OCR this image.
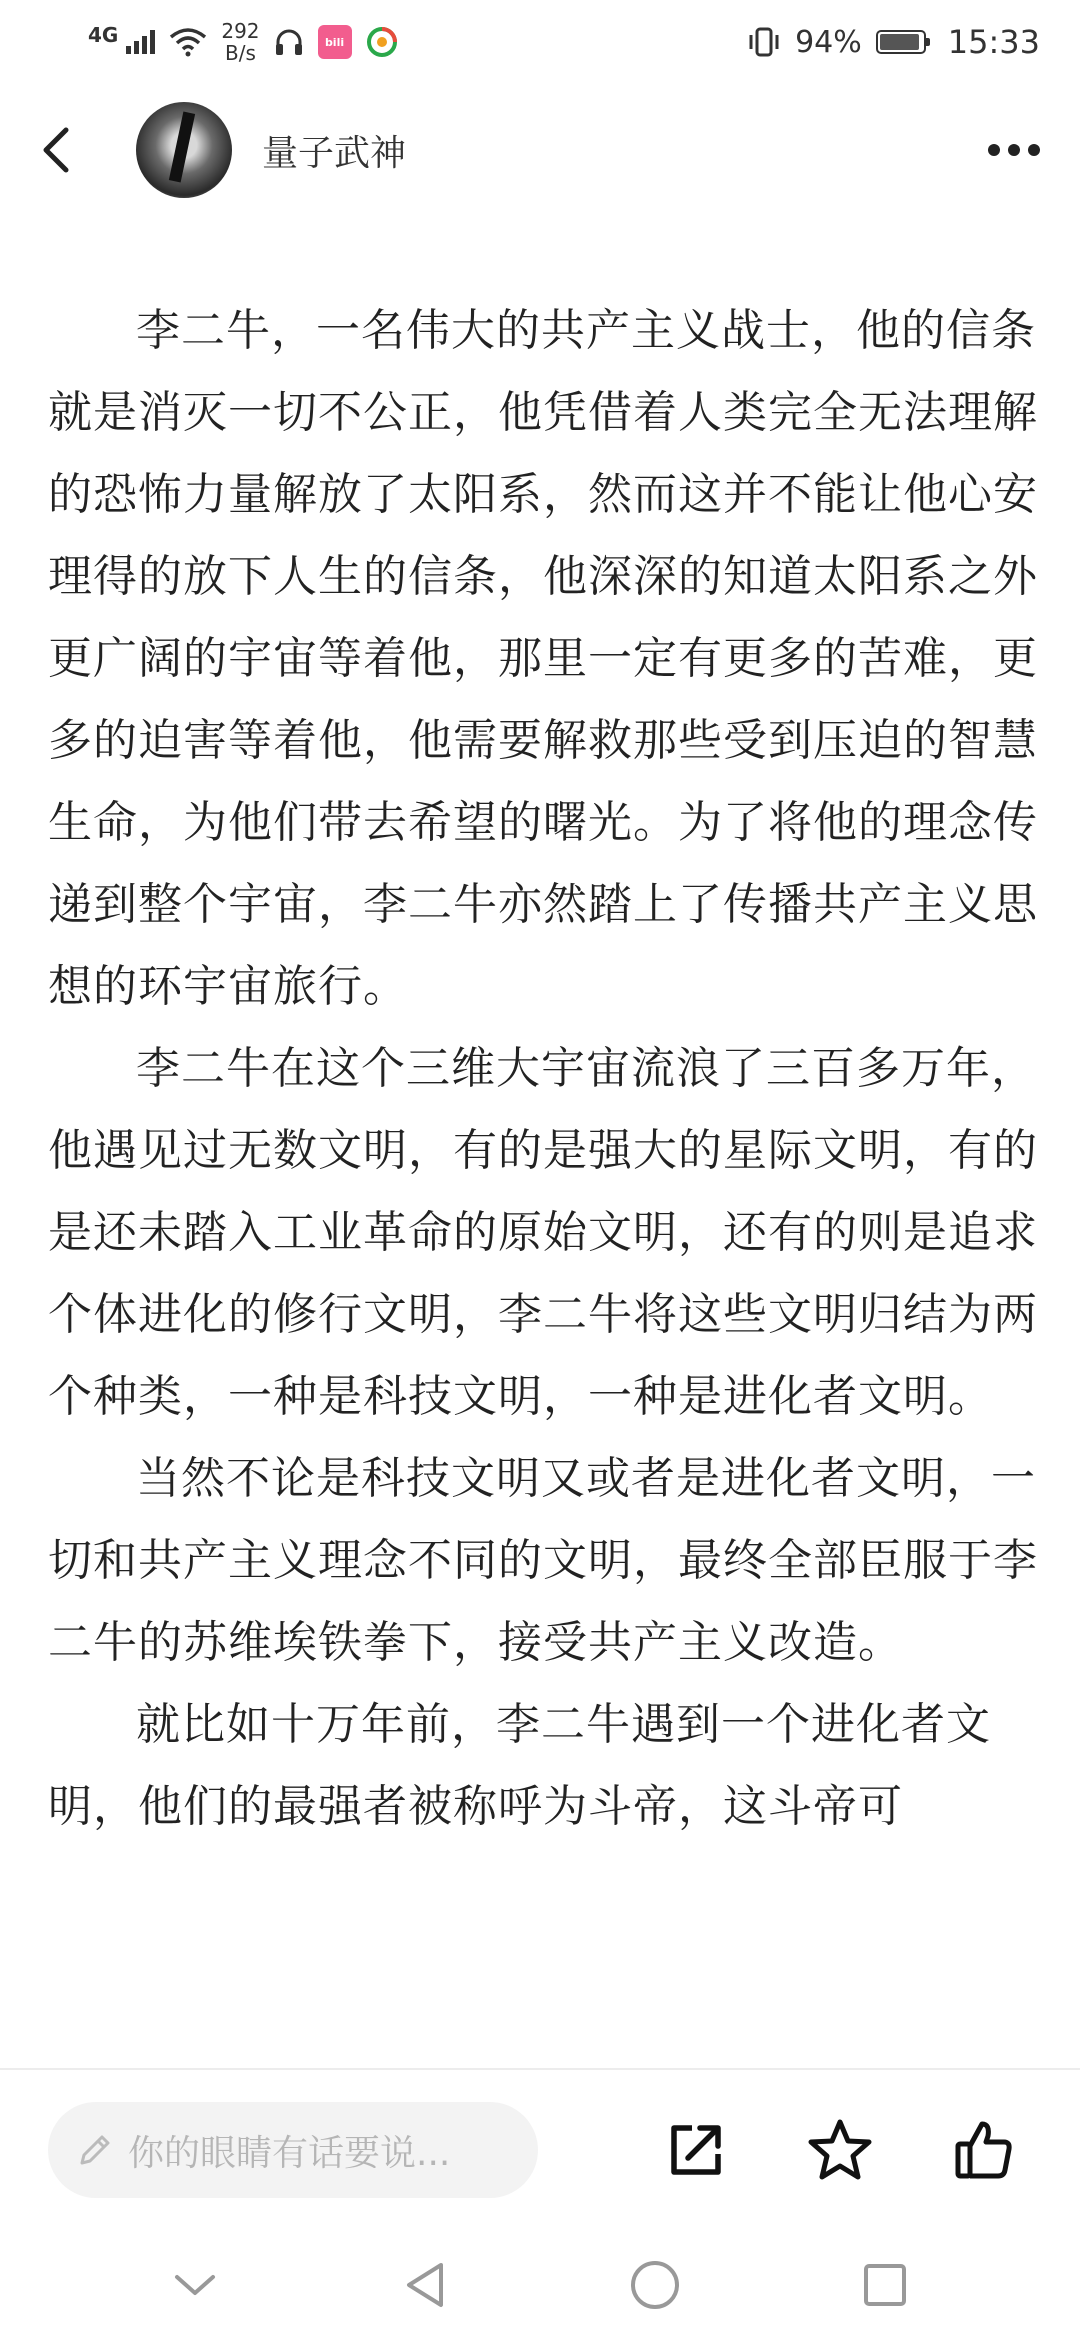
4G	292
B/s	bili	94%	15:33
量子武神

李二牛，一名伟大的共产主义战士，他的信条就是消灭一切不公正，他凭借着人类完全无法理解的恐怖力量解放了太阳系，然而这并不能让他心安理得的放下人生的信条，他深深的知道太阳系之外更广阔的宇宙等着他，那里一定有更多的苦难，更多的迫害等着他，他需要解救那些受到压迫的智慧生命，为他们带去希望的曙光。为了将他的理念传递到整个宇宙，李二牛亦然踏上了传播共产主义思想的环宇宙旅行。

李二牛在这个三维大宇宙流浪了三百多万年，他遇见过无数文明，有的是强大的星际文明，有的是还未踏入工业革命的原始文明，还有的则是追求个体进化的修行文明，李二牛将这些文明归结为两个种类，一种是科技文明，一种是进化者文明。

当然不论是科技文明又或者是进化者文明，一切和共产主义理念不同的文明，最终全部臣服于李二牛的苏维埃铁拳下，接受共产主义改造。

就比如十万年前，李二牛遇到一个进化者文明，他们的最强者被称呼为斗帝，这斗帝可

你的眼睛有话要说...
